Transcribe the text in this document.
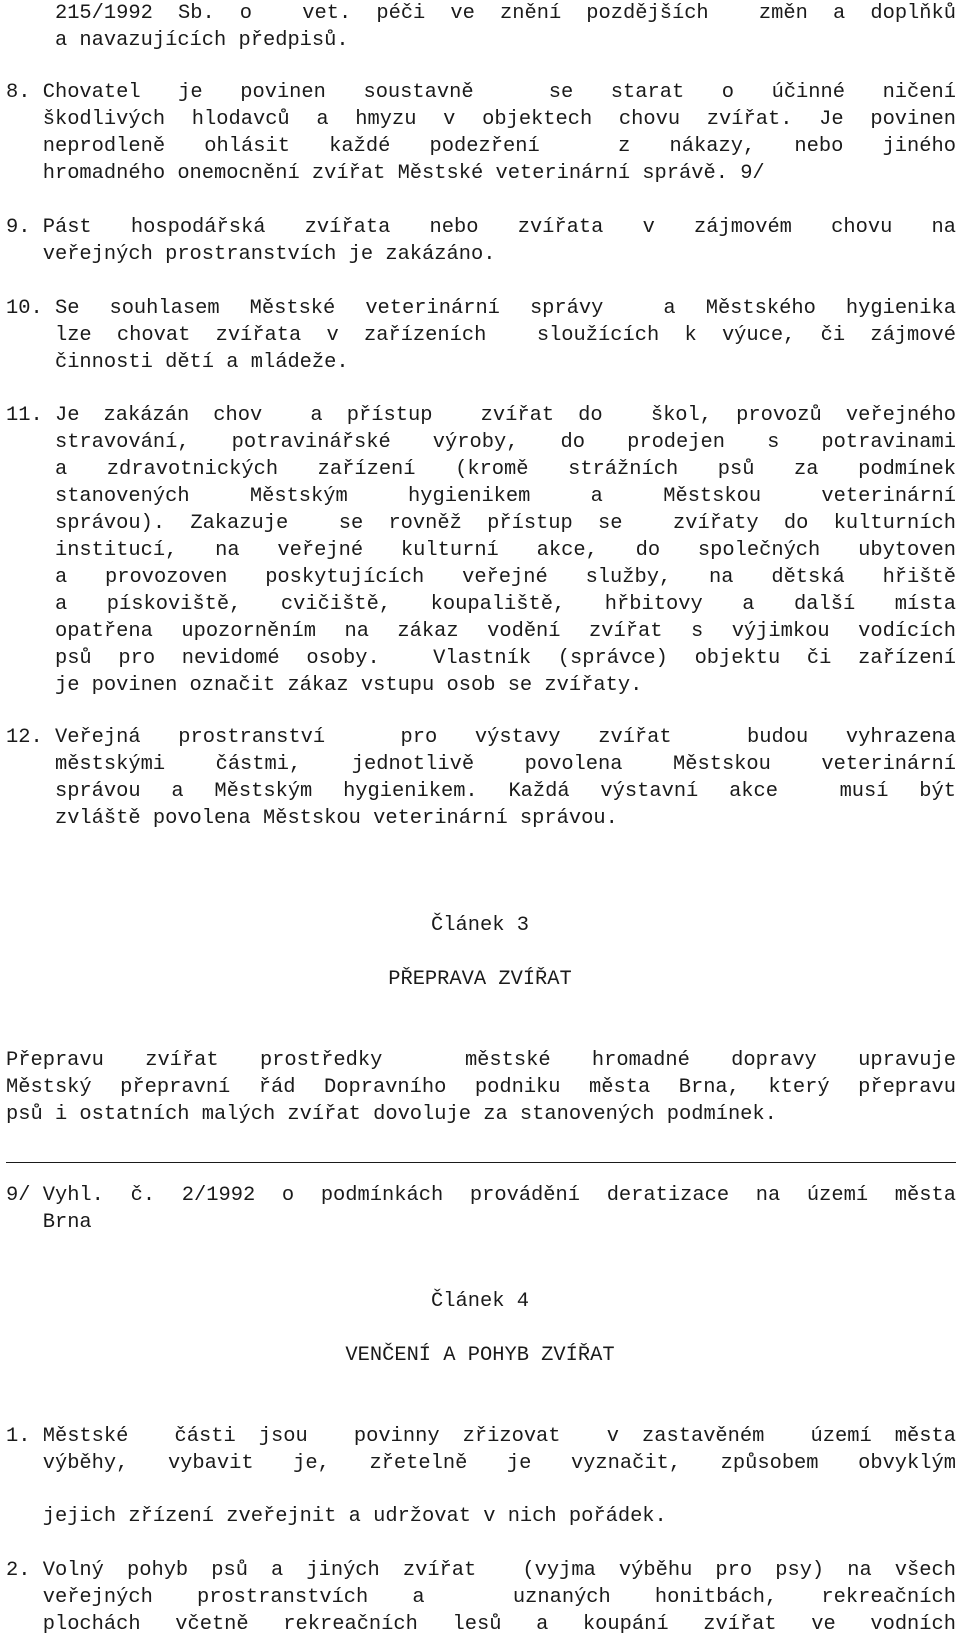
215/1992 Sb. o  vet. péči ve znění pozdějších  změn a doplňků
a navazujících předpisů.
8. Chovatel je povinen soustavně  se starat o účinné ničení
škodlivých hlodavců a hmyzu v objektech chovu zvířat. Je povinen
neprodleně ohlásit každé podezření  z nákazy, nebo jiného
hromadného onemocnění zvířat Městské veterinární správě. 9/
9. Pást hospodářská zvířata nebo zvířata v zájmovém chovu na
veřejných prostranstvích je zakázáno.
10. Se souhlasem Městské veterinární správy  a Městského hygienika
lze chovat zvířata v zařízeních  sloužících k výuce, či zájmové
činnosti dětí a mládeže.
11. Je zakázán chov  a přístup  zvířat do  škol, provozů veřejného
stravování, potravinářské výroby, do prodejen s potravinami
a zdravotnických zařízení (kromě strážních psů za podmínek
stanovených Městským hygienikem a Městskou veterinární
správou). Zakazuje  se rovněž přístup se  zvířaty do kulturních
institucí, na veřejné kulturní akce, do společných ubytoven
a provozoven poskytujících veřejné služby, na dětská hřiště
a pískoviště, cvičiště, koupaliště, hřbitovy a další místa
opatřena upozorněním na zákaz vodění zvířat s výjimkou vodících
psů pro nevidomé osoby.  Vlastník (správce) objektu či zařízení
je povinen označit zákaz vstupu osob se zvířaty.
12. Veřejná prostranství  pro výstavy zvířat  budou vyhrazena
městskými částmi, jednotlivě povolena Městskou veterinární
správou a Městským hygienikem. Každá výstavní akce  musí být
zvláště povolena Městskou veterinární správou.
Článek 3
PŘEPRAVA ZVÍŘAT
Přepravu zvířat prostředky  městské hromadné dopravy upravuje
Městský přepravní řád Dopravního podniku města Brna, který přepravu
psů i ostatních malých zvířat dovoluje za stanovených podmínek.
9/ Vyhl. č. 2/1992 o podmínkách provádění deratizace na území města
Brna
Článek 4
VENČENÍ A POHYB ZVÍŘAT
1. Městské  části jsou  povinny zřizovat  v zastavěném  území města
výběhy, vybavit je, zřetelně je vyznačit, způsobem obvyklým
jejich zřízení zveřejnit a udržovat v nich pořádek.
2. Volný pohyb psů a jiných zvířat  (vyjma výběhu pro psy) na všech
veřejných prostranstvích a  uznaných honitbách, rekreačních
plochách včetně rekreačních lesů a koupání zvířat ve vodních
